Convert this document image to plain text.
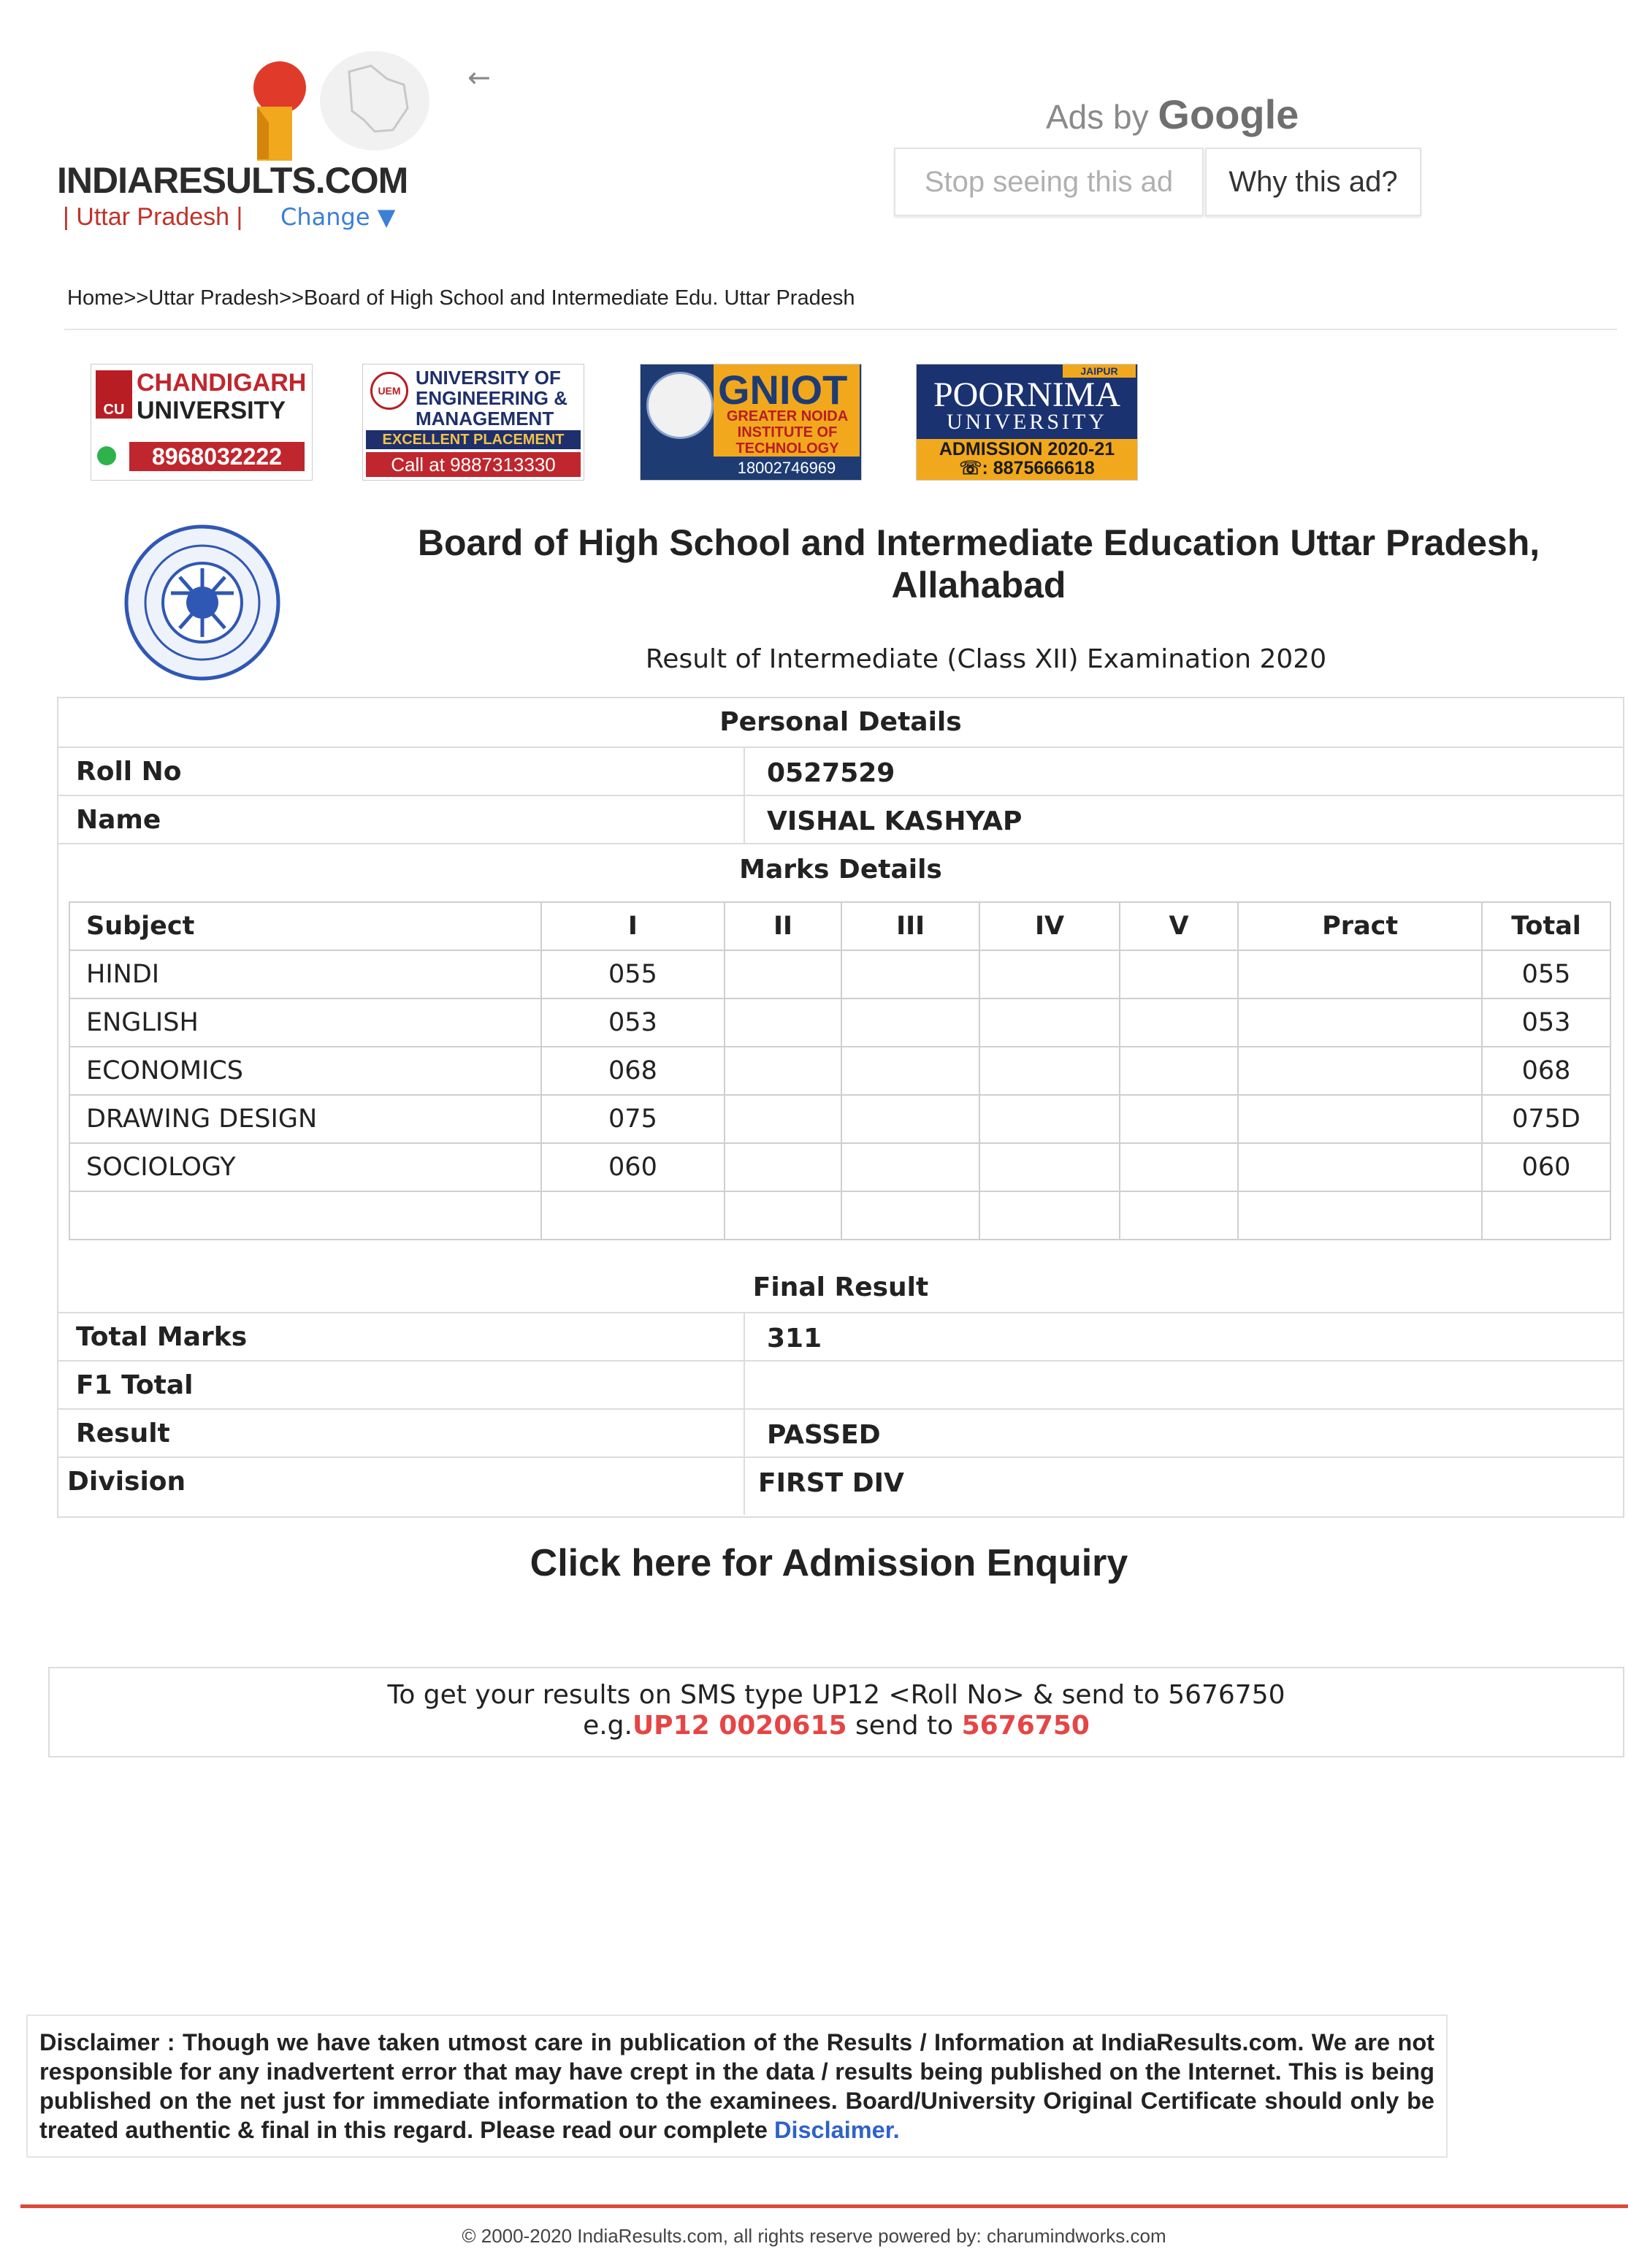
INDIARESULTS.COM
| Uttar Pradesh | Change ▼
←
Ads by Google
Stop seeing this ad	Why this ad?
Home>>Uttar Pradesh>>Board of High School and Intermediate Edu. Uttar Pradesh
CU
CHANDIGARH
UNIVERSITY
8968032222
UEM
UNIVERSITY OF
ENGINEERING &
MANAGEMENT
EXCELLENT PLACEMENT
Call at 9887313330
GNIOT
GREATER NOIDA
INSTITUTE OF
TECHNOLOGY
18002746969
JAIPUR
POORNIMA
UNIVERSITY
ADMISSION 2020-21
☏: 8875666618
Board of High School and Intermediate Education Uttar Pradesh,
Allahabad
Result of Intermediate (Class XII) Examination 2020
Personal Details
Roll No	0527529
Name	VISHAL KASHYAP
Marks Details
Subject	I	II	III	IV	V	Pract	Total
HINDI	055						055
ENGLISH	053						053
ECONOMICS	068						068
DRAWING DESIGN	075						075D
SOCIOLOGY	060						060

Final Result
Total Marks	311
F1 Total
Result	PASSED
Division	FIRST DIV
Click here for Admission Enquiry
To get your results on SMS type UP12 <Roll No> & send to 5676750
e.g.UP12 0020615 send to 5676750
Disclaimer : Though we have taken utmost care in publication of the Results / Information at IndiaResults.com. We are not responsible for any inadvertent error that may have crept in the data / results being published on the Internet. This is being published on the net just for immediate information to the examinees. Board/University Original Certificate should only be treated authentic & final in this regard. Please read our complete Disclaimer.
© 2000-2020 IndiaResults.com, all rights reserve powered by: charumindworks.com
